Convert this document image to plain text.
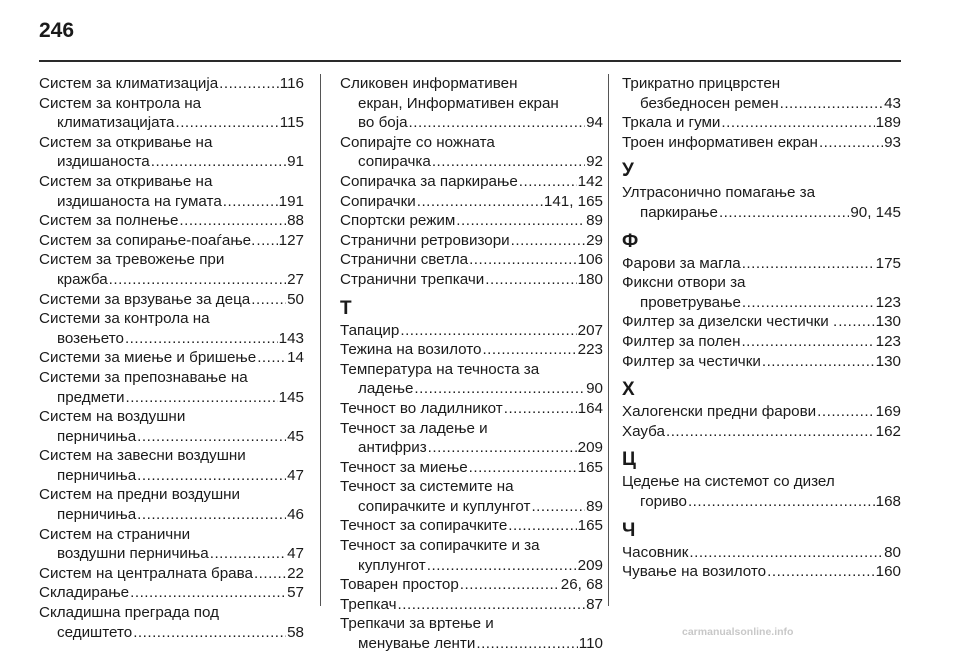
246
Систем за климатизација .....	116
Систем за контрола на
климатизацијата .....	115
Систем за откривање на
издишаноста .....	91
Систем за откривање на
издишаноста на гумата .....	191
Систем за полнење .....	88
Систем за сопирање-поаѓање. ..... 127
Систем за тревожење при
кражба .....	27
Системи за врзување за деца ..... 50
Системи за контрола на
возењето .....	143
Системи за миење и бришење ..... 14
Системи за препознавање на
предмети .....	145
Систем на воздушни
перничиња .....	45
Систем на завесни воздушни
перничиња .....	47
Систем на предни воздушни
перничиња .....	46
Систем на странични
воздушни перничиња .....	47
Систем на централната брава ..... 22
Складирање .....	57
Складишна преграда под
седиштето .....	58
Сликовен информативен
екран, Информативен екран
во боја .....	94
Сопирајте со ножната
сопирачка .....	92
Сопирачка за паркирање .....	142
Сопирачки .....	141, 165
Спортски режим .....	89
Странични ретровизори .....	29
Странични светла .....	106
Странични трепкачи .....	180
Т
Тапацир .....	207
Тежина на возилото .....	223
Температура на течноста за
ладење .....	90
Течност во ладилникот .....	164
Течност за ладење и
антифриз .....	209
Течност за миење .....	165
Течност за системите на
сопирачките и куплунгот .....	89
Течност за сопирачките .....	165
Течност за сопирачките и за
куплунгот .....	209
Товарен простор .....	26, 68
Трепкач .....	87
Трепкачи за вртење и
менување ленти .....	110
Трикратно прицврстен
безбедносен ремен .....	43
Тркала и гуми .....	189
Троен информативен екран .....	93
У
Ултрасонично помагање за
паркирање .....	90, 145
Ф
Фарови за магла .....	175
Фиксни отвори за
проветрување .....	123
Филтер за дизелски честички . .....	130
Филтер за полен .....	123
Филтер за честички .....	130
Х
Халогенски предни фарови .....	169
Хауба .....	162
Ц
Цедење на системот со дизел
гориво .....	168
Ч
Часовник .....	80
Чување на возилото .....	160
carmanualsonline.info
